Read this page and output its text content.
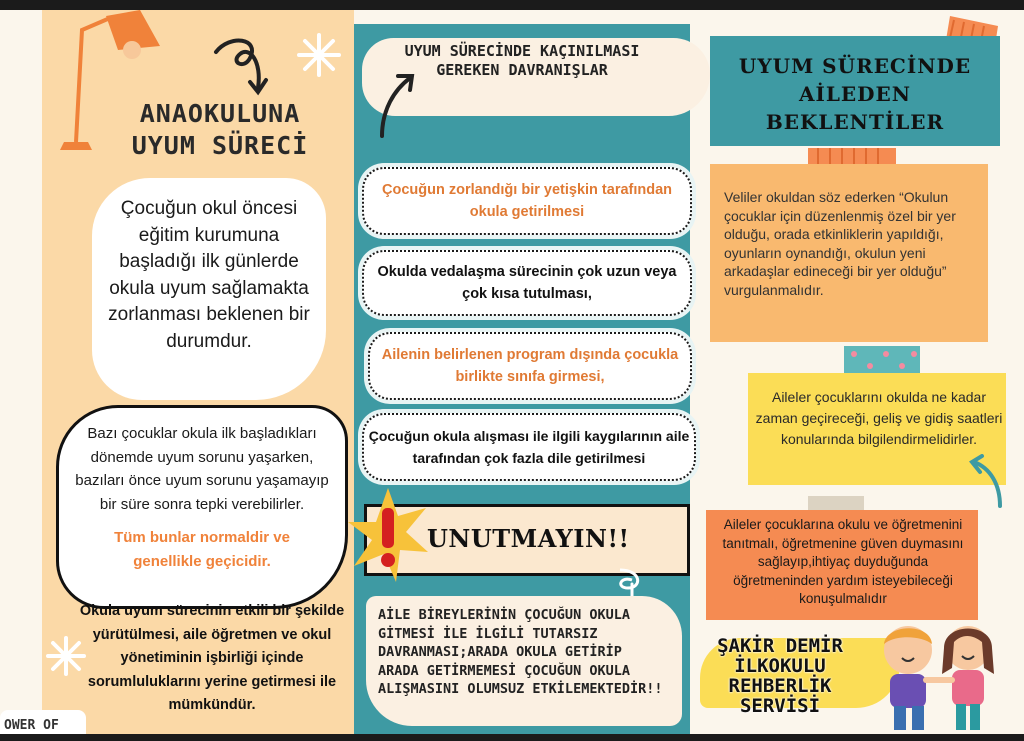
ANAOKULUNA
UYUM SÜRECİ

Çocuğun okul öncesi eğitim kurumuna başladığı ilk günlerde okula uyum sağlamakta zorlanması beklenen bir durumdur.

Bazı çocuklar okula ilk başladıkları dönemde uyum sorunu yaşarken, bazıları önce uyum sorunu yaşamayıp bir süre sonra tepki verebilirler.
Tüm bunlar normaldir ve genellikle geçicidir.
Okula uyum sürecinin etkili bir şekilde yürütülmesi, aile öğretmen ve okul yönetiminin işbirliği içinde sorumluluklarını yerine getirmesi ile mümkündür.
OWER OF
UYUM SÜRECİNDE KAÇINILMASI GEREKEN DAVRANIŞLAR
Çocuğun zorlandığı bir yetişkin tarafından okula getirilmesi
Okulda vedalaşma sürecinin çok uzun veya çok kısa tutulması,
Ailenin belirlenen program dışında çocukla birlikte sınıfa girmesi,
Çocuğun okula alışması ile ilgili kaygılarının aile tarafından çok fazla dile getirilmesi
UNUTMAYIN!!
AİLE BİREYLERİNİN ÇOCUĞUN OKULA GİTMESİ İLE İLGİLİ TUTARSIZ DAVRANMASI;ARADA OKULA GETİRİP ARADA GETİRMEMESİ ÇOCUĞUN OKULA ALIŞMASINI OLUMSUZ ETKİLEMEKTEDİR!!
UYUM SÜRECİNDE AİLEDEN BEKLENTİLER
Veliler okuldan söz ederken “Okulun çocuklar için düzenlenmiş özel bir yer olduğu, orada etkinliklerin yapıldığı, oyunların oynandığı, okulun yeni arkadaşlar edineceği bir yer olduğu” vurgulanmalıdır.
Aileler çocuklarını okulda ne kadar zaman geçireceği, geliş ve gidiş saatleri konularında bilgilendirmelidirler.
Aileler çocuklarına okulu ve öğretmenini tanıtmalı, öğretmenine güven duymasını sağlayıp,ihtiyaç duyduğunda öğretmeninden yardım isteyebileceği konuşulmalıdır
ŞAKİR DEMİR İLKOKULU REHBERLİK SERVİSİ
